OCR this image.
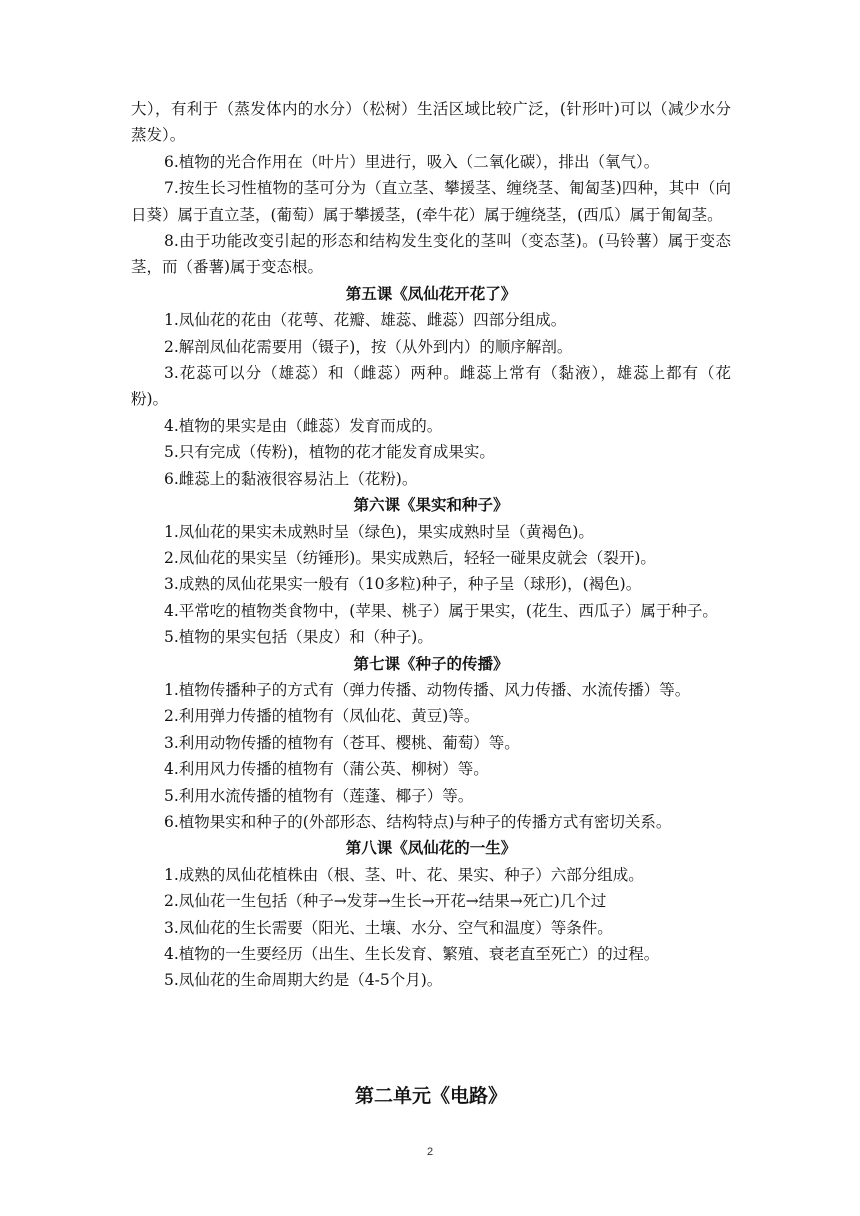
大），有利于（蒸发体内的水分）（松树）生活区域比较广泛，(针形叶)可以（减少水分蒸发）。

6.植物的光合作用在（叶片）里进行，吸入（二氧化碳），排出（氧气）。

7.按生长习性植物的茎可分为（直立茎、攀援茎、缠绕茎、匍匐茎)四种，其中（向日葵）属于直立茎，(葡萄）属于攀援茎，(牵牛花）属于缠绕茎，(西瓜）属于匍匐茎。

8.由于功能改变引起的形态和结构发生变化的茎叫（变态茎)。(马铃薯）属于变态茎，而（番薯)属于变态根。

第五课《凤仙花开花了》

1.凤仙花的花由（花萼、花瓣、雄蕊、雌蕊）四部分组成。

2.解剖凤仙花需要用（镊子)，按（从外到内）的顺序解剖。

3.花蕊可以分（雄蕊）和（雌蕊）两种。雌蕊上常有（黏液），雄蕊上都有（花粉)。

4.植物的果实是由（雌蕊）发育而成的。

5.只有完成（传粉)，植物的花才能发育成果实。

6.雌蕊上的黏液很容易沾上（花粉)。

第六课《果实和种子》

1.凤仙花的果实未成熟时呈（绿色)，果实成熟时呈（黄褐色)。

2.凤仙花的果实呈（纺锤形)。果实成熟后，轻轻一碰果皮就会（裂开)。

3.成熟的凤仙花果实一般有（10多粒)种子，种子呈（球形)，(褐色)。

4.平常吃的植物类食物中，(苹果、桃子）属于果实，(花生、西瓜子）属于种子。

5.植物的果实包括（果皮）和（种子)。

第七课《种子的传播》

1.植物传播种子的方式有（弹力传播、动物传播、风力传播、水流传播）等。

2.利用弹力传播的植物有（凤仙花、黄豆)等。

3.利用动物传播的植物有（苍耳、樱桃、葡萄）等。

4.利用风力传播的植物有（蒲公英、柳树）等。

5.利用水流传播的植物有（莲蓬、椰子）等。

6.植物果实和种子的(外部形态、结构特点)与种子的传播方式有密切关系。

第八课《凤仙花的一生》

1.成熟的凤仙花植株由（根、茎、叶、花、果实、种子）六部分组成。

2.凤仙花一生包括（种子→发芽→生长→开花→结果→死亡)几个过

3.凤仙花的生长需要（阳光、土壤、水分、空气和温度）等条件。

4.植物的一生要经历（出生、生长发育、繁殖、衰老直至死亡）的过程。

5.凤仙花的生命周期大约是（4-5个月)。

第二单元《电路》
2
